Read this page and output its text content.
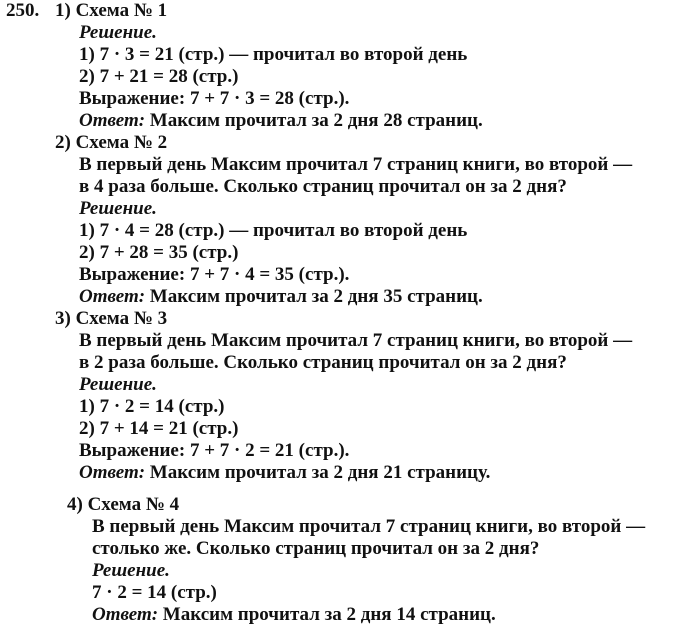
250. 1) Схема № 1
Решение.
1) 7 · 3 = 21 (стр.) — прочитал во второй день
2) 7 + 21 = 28 (стр.)
Выражение: 7 + 7 · 3 = 28 (стр.).
Ответ: Максим прочитал за 2 дня 28 страниц.
2) Схема № 2
В первый день Максим прочитал 7 страниц книги, во второй —
в 4 раза больше. Сколько страниц прочитал он за 2 дня?
Решение.
1) 7 · 4 = 28 (стр.) — прочитал во второй день
2) 7 + 28 = 35 (стр.)
Выражение: 7 + 7 · 4 = 35 (стр.).
Ответ: Максим прочитал за 2 дня 35 страниц.
3) Схема № 3
В первый день Максим прочитал 7 страниц книги, во второй —
в 2 раза больше. Сколько страниц прочитал он за 2 дня?
Решение.
1) 7 · 2 = 14 (стр.)
2) 7 + 14 = 21 (стр.)
Выражение: 7 + 7 · 2 = 21 (стр.).
Ответ: Максим прочитал за 2 дня 21 страницу.
4) Схема № 4
В первый день Максим прочитал 7 страниц книги, во второй —
столько же. Сколько страниц прочитал он за 2 дня?
Решение.
7 · 2 = 14 (стр.)
Ответ: Максим прочитал за 2 дня 14 страниц.
